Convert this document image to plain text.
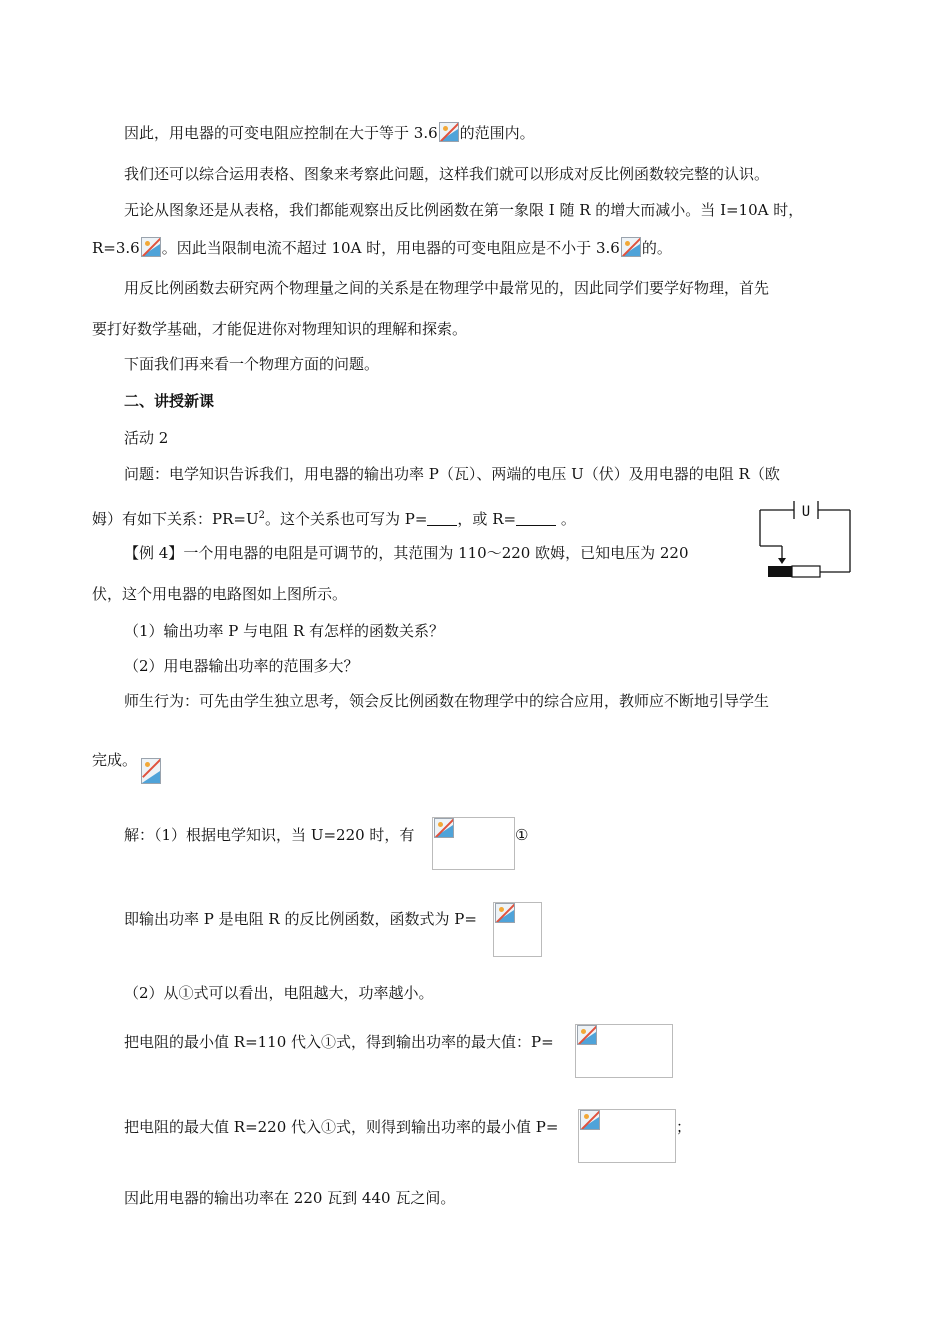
因此，用电器的可变电阻应控制在大于等于 3.6 的范围内。
我们还可以综合运用表格、图象来考察此问题，这样我们就可以形成对反比例函数较完整的认识。
无论从图象还是从表格，我们都能观察出反比例函数在第一象限 I 随 R 的增大而减小。当 I=10A 时，
R=3.6 。因此当限制电流不超过 10A 时，用电器的可变电阻应是不小于 3.6 的。
用反比例函数去研究两个物理量之间的关系是在物理学中最常见的，因此同学们要学好物理，首先
要打好数学基础，才能促进你对物理知识的理解和探索。
下面我们再来看一个物理方面的问题。
二、讲授新课
活动 2
问题：电学知识告诉我们，用电器的输出功率 P（瓦）、两端的电压 U（伏）及用电器的电阻 R（欧
姆）有如下关系：$PR=U^2$。这个关系也可写为 P= ，或 R=	。	U
【例 4】一个用电器的电阻是可调节的，其范围为 110～220 欧姆，已知电压为 220
伏，这个用电器的电路图如上图所示。
（1）输出功率 P 与电阻 R 有怎样的函数关系？
（2）用电器输出功率的范围多大？
师生行为：可先由学生独立思考，领会反比例函数在物理学中的综合应用，教师应不断地引导学生
完成。
解：（1）根据电学知识，当 U=220 时，有	①
即输出功率 P 是电阻 R 的反比例函数，函数式为 P=
（2）从①式可以看出，电阻越大，功率越小。
把电阻的最小值 R=110 代入①式，得到输出功率的最大值：P=
把电阻的最大值 R=220 代入①式，则得到输出功率的最小值 P=	；
因此用电器的输出功率在 220 瓦到 440 瓦之间。
